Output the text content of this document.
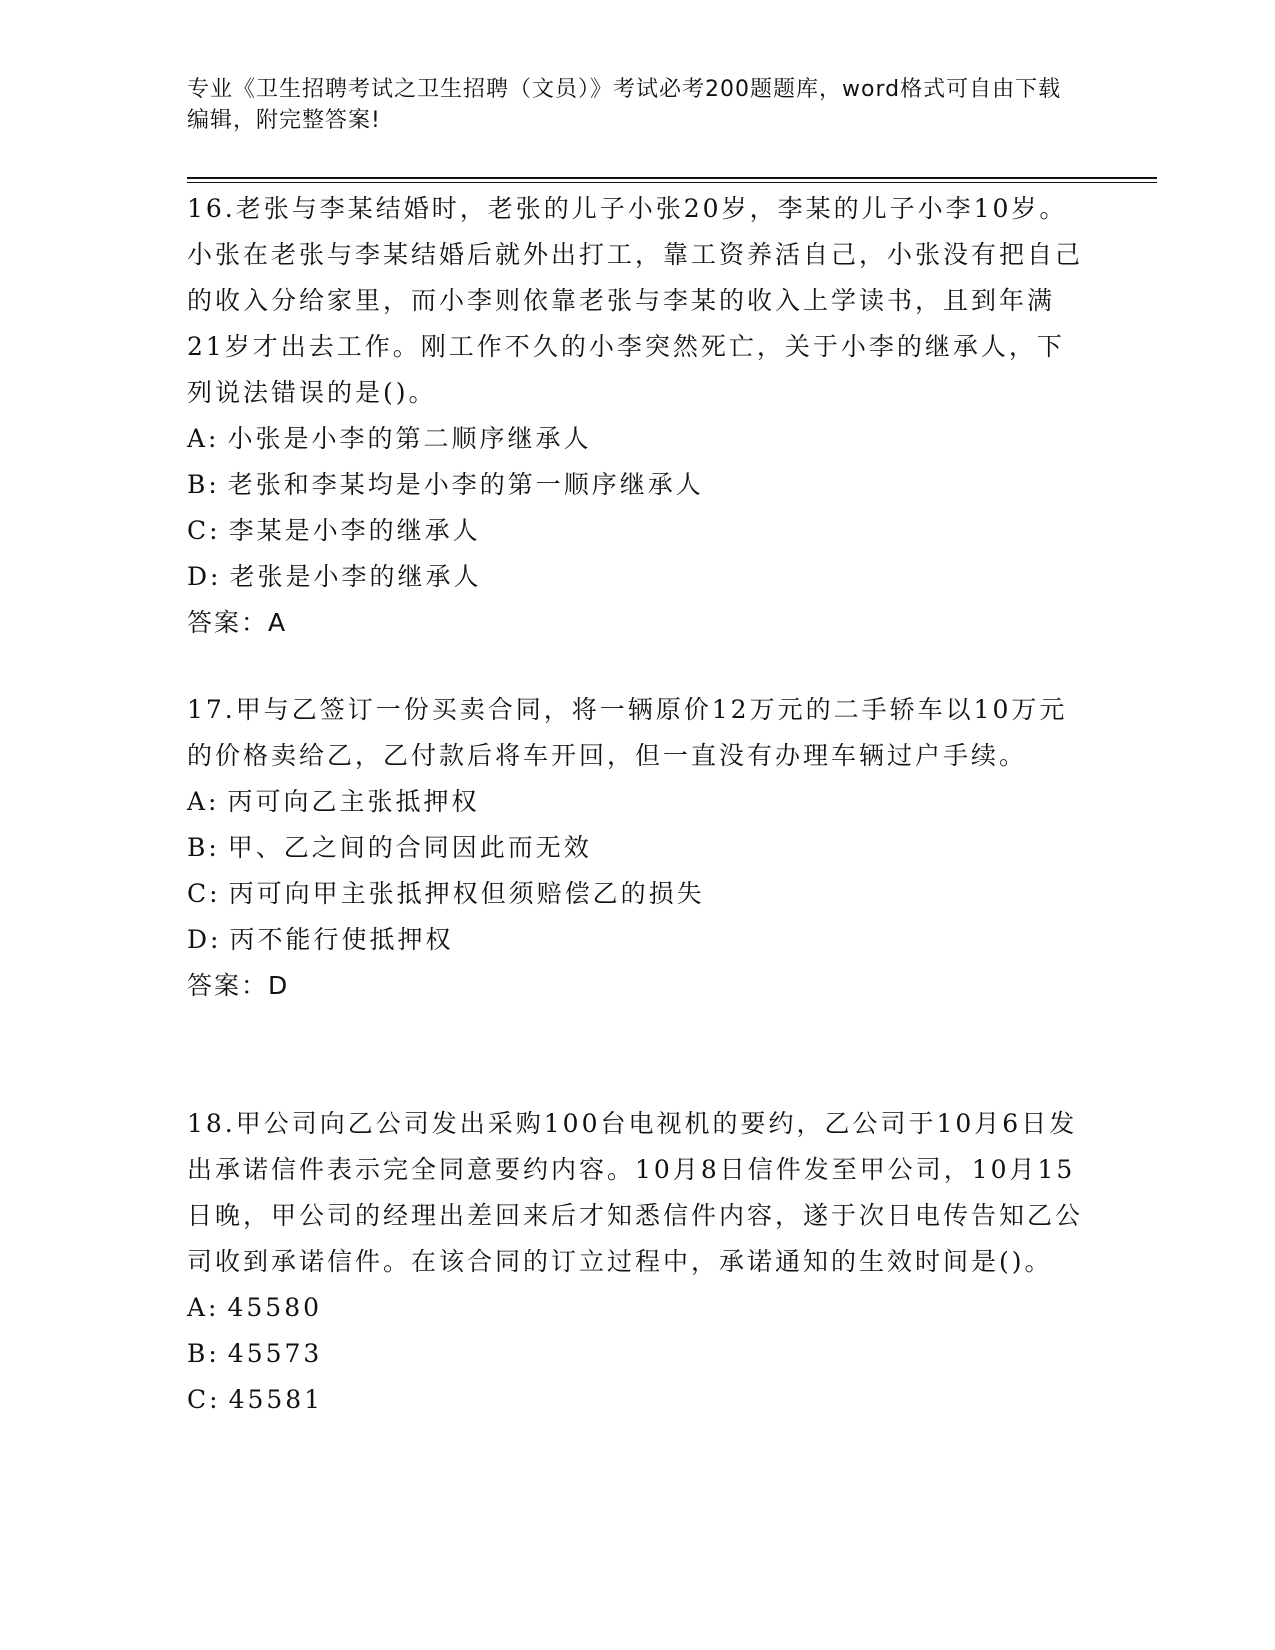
专业《卫生招聘考试之卫生招聘（文员）》考试必考200题题库，word格式可自由下载编辑，附完整答案!

16.老张与李某结婚时，老张的儿子小张20岁，李某的儿子小李10岁。小张在老张与李某结婚后就外出打工，靠工资养活自己，小张没有把自己的收入分给家里，而小李则依靠老张与李某的收入上学读书，且到年满21岁才出去工作。刚工作不久的小李突然死亡，关于小李的继承人，下列说法错误的是()。

A: 小张是小李的第二顺序继承人

B: 老张和李某均是小李的第一顺序继承人

C: 李某是小李的继承人

D: 老张是小李的继承人

答案：A

17.甲与乙签订一份买卖合同，将一辆原价12万元的二手轿车以10万元的价格卖给乙，乙付款后将车开回，但一直没有办理车辆过户手续。

A: 丙可向乙主张抵押权

B: 甲、乙之间的合同因此而无效

C: 丙可向甲主张抵押权但须赔偿乙的损失

D: 丙不能行使抵押权

答案：D

18.甲公司向乙公司发出采购100台电视机的要约，乙公司于10月6日发出承诺信件表示完全同意要约内容。10月8日信件发至甲公司，10月15日晚，甲公司的经理出差回来后才知悉信件内容，遂于次日电传告知乙公司收到承诺信件。在该合同的订立过程中，承诺通知的生效时间是()。

A: 45580

B: 45573

C: 45581
